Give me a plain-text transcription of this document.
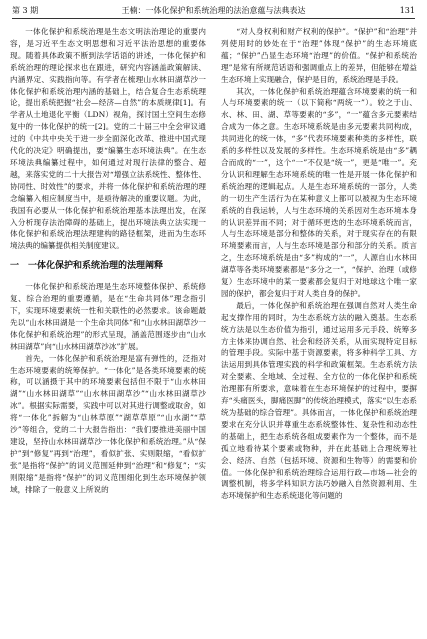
第 3 期	王楠：一体化保护和系统治理的法治意蕴与法典表达	131

一体化保护和系统治理是生态文明法治理论的重要内容，是习近平生态文明思想和习近平法治思想的重要体现。随着具体政策不断到法学话语的讲述，一体化保护和系统治理的理论探求也在跟进，研究内容涵盖政策解读、内涵界定、实践指向等。有学者在梳理山水林田湖草沙一体化保护和系统治理内涵的基础上，结合复合生态系统理论，提出系统把握“社会—经济—自然”的本质规律[1]。有学者从土地退化平衡（LDN）视角，探讨国土空间生态修复中的一体化保护的统一[2]。党的二十届三中全会审议通过的《中共中央关于进一步全面深化改革、推进中国式现代化的决定》明确提出，要“编纂生态环境法典”。在生态环境法典编纂过程中，如何通过对现行法律的整合、超越，来落实党的二十大报告对“增强立法系统性、整体性、协同性、时效性”的要求，并将一体化保护和系统治理的理念编纂入相应制度当中，是亟待解决的重要议题。为此，我国有必要从一体化保护和系统治理基本法理出发，在深入分析现存法治障碍的基础上，提出环境法典立法实现一体化保护和系统治理法理建构的路径框架，进而为生态环境法典的编纂提供相关制度建议。

一　一体化保护和系统治理的法理阐释

一体化保护和系统治理是生态环境整体保护、系统修复、综合治理的重要遵循，是在“生命共同体”理念指引下，实现环境要素统一性和关联性的必然要求。该命题最先以“山水林田湖是一个生命共同体”和“山水林田湖草沙一体化保护和系统治理”的形式呈现，涵盖范围逐步由“山水林田湖草”向“山水林田湖草沙冰”扩展。

首先，一体化保护和系统治理是富有弹性的，泛指对生态环境要素的统筹保护。“一体化”是各类环境要素的统称，可以涵摄于其中的环境要素包括但不限于“山水林田湖”“山水林田湖草”“山水林田湖草沙”“山水林田湖草沙冰”。根据实际需要，实践中可以对其进行调整或取舍，如将“一体化”拆解为“山林草原”“湖草草原”“山水湖”“草沙”等组合，党的二十大报告指出：“我们要推进美丽中国建设，坚持山水林田湖草沙一体化保护和系统治理。”从“保护”到“修复”再到“治理”，看似扩张、实则限缩，“看似扩张”是指将“保护”的词义范围延伸到“治理”和“修复”；“实则限缩”是指将“保护”的词义范围细化到生态环境保护领域，排除了一般意义上所说的

“对人身权利和财产权利的保护”。“保护”和“治理”并列使用时的妙处在于“治理”体现“保护”的生态环境底蕴；“保护”凸显生态环境“治理”的价值。“保护和系统治理”是常有所规范话语和强调重点上的差异，但能够在增益生态环境上实现融合，保护是目的，系统治理是手段。

其次，一体化保护和系统治理蕴含环境要素的统一和人与环境要素的统一（以下简称“两统一”）。较之于山、水、林、田、湖、草等要素的“多”，“一”蕴含多元要素结合成为一体之意。生态环境系统是由多元要素共同构成，共同进化的统一体，“多”代表环境要素种类的多样性，联系的多样性以及发展的多样性。生态环境系统是由“多”耦合而成的“一”，这个“一”不仅是“统一”，更是“唯一”。充分认识和理解生态环境系统的唯一性是开展一体化保护和系统治理的逻辑起点。人是生态环境系统的一部分，人类的一切生产生活行为在某种意义上都可以被视为生态环境系统的自我运转，人与生态环境的关系因对生态环境本身的认识差异而不同；对于循环更迭的生态环境系统而言，人与生态环境是部分和整体的关系，对于现实存在的有限环境要素而言，人与生态环境是部分和部分的关系。质言之，生态环境系统是由“多”构成的“一”，人源自山水林田湖草等各类环境要素都是“多分之一”，“保护、治理（或修复）生态环境中的某一要素都会复归于对地球这个唯一家园的保护，都会复归于对人类自身的保护。

最后，一体化保护和系统治理在强调自然对人类生命起支撑作用的同时，为生态系统方法的融入奠基。生态系统方法是以生态价值为指引，通过运用多元手段、统筹多方主体来协调自然、社会和经济关系，从而实现特定目标的管理手段。实际中基于资源要素，将多种科学工具、方法运用到具体管理实践的科学和政策框架。生态系统方法对全要素、全地域、全过程、全方位的一体化保护和系统治理都有所要求，意味着在生态环境保护的过程中，要摒弃“头痛医头，脚痛医脚”的传统治理模式，落实“以生态系统为基础的综合管理”。具体而言，一体化保护和系统治理要求在充分认识并尊重生态系统整体性、复杂性和动态性的基础上，把生态系统各组成要素作为一个整体，而不是孤立地看待某个要素或物种，并在此基础上合理统筹社会、经济、自然（包括环境、资源和生物等）的需要和价值。一体化保护和系统治理综合运用行政—市场—社会的调整机制，将多学科知识方法巧妙融入自然资源利用、生态环境保护和生态系统退化等问题的
